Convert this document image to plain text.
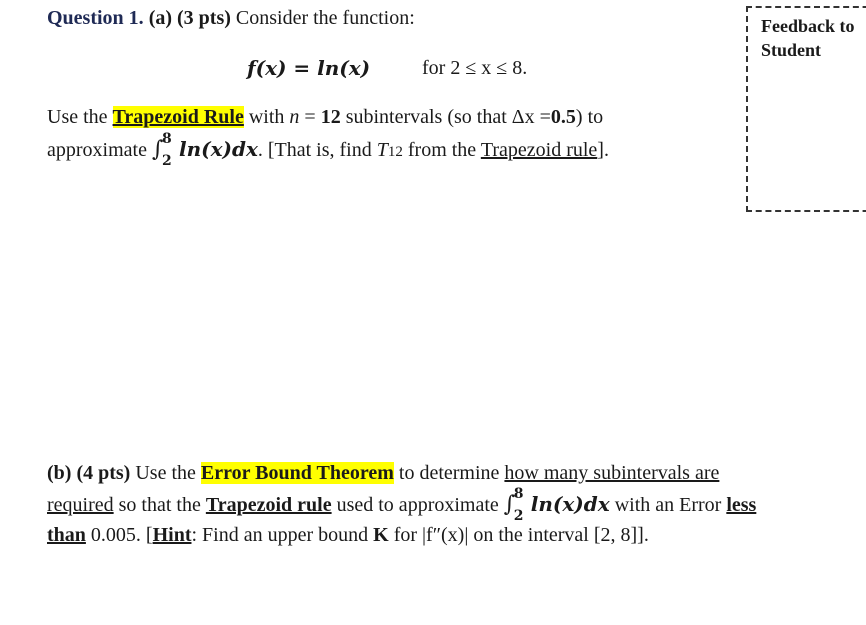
Question 1. (a) (3 pts) Consider the function:
f(x) = ln(x)	for 2 ≤ x ≤ 8.
Use the Trapezoid Rule with n = 12 subintervals (so that Δx =0.5) to
approximate ∫
8
2 ln(x)dx. [That is, find T12 from the Trapezoid rule].
Feedback to
Student
(b) (4 pts) Use the Error Bound Theorem to determine how many subintervals are
required so that the Trapezoid rule used to approximate ∫
8
2 ln(x)dx with an Error less
than 0.005. [Hint: Find an upper bound K for |f″(x)| on the interval [2, 8]].
